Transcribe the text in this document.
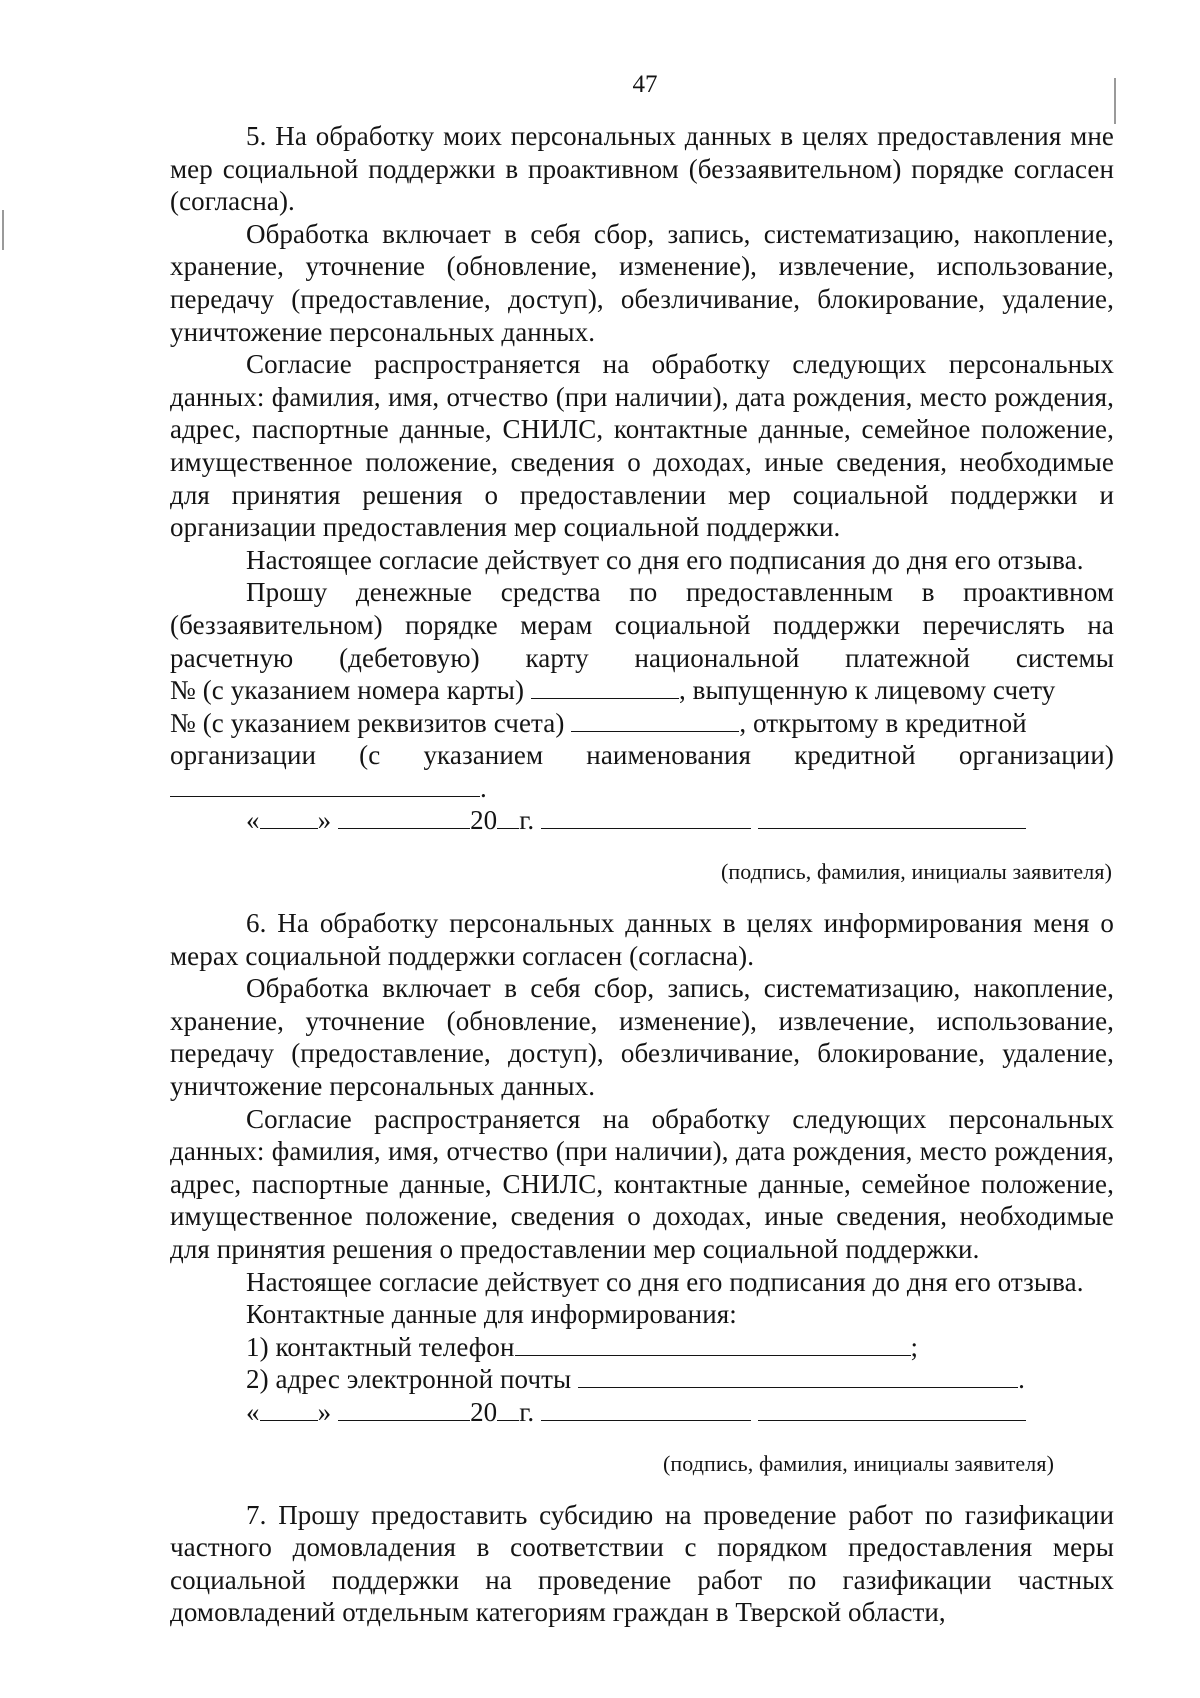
47

5. На обработку моих персональных данных в целях предоставления мне мер социальной поддержки в проактивном (беззаявительном) порядке согласен (согласна).

Обработка включает в себя сбор, запись, систематизацию, накопление, хранение, уточнение (обновление, изменение), извлечение, использование, передачу (предоставление, доступ), обезличивание, блокирование, удаление, уничтожение персональных данных.

Согласие распространяется на обработку следующих персональных данных: фамилия, имя, отчество (при наличии), дата рождения, место рождения, адрес, паспортные данные, СНИЛС, контактные данные, семейное положение, имущественное положение, сведения о доходах, иные сведения, необходимые для принятия решения о предоставлении мер социальной поддержки и организации предоставления мер социальной поддержки.

Настоящее согласие действует со дня его подписания до дня его отзыва.

Прошу денежные средства по предоставленным в проактивном (беззаявительном) порядке мерам социальной поддержки перечислять на расчетную (дебетовую) карту национальной платежной системы

№ (с указанием номера карты)	, выпущенную к лицевому счету

№ (с указанием реквизитов счета)	, открытому в кредитной

организации (с указанием наименования кредитной организации)

.

« »	20 г.

(подпись, фамилия, инициалы заявителя)

6. На обработку персональных данных в целях информирования меня о мерах социальной поддержки согласен (согласна).

Обработка включает в себя сбор, запись, систематизацию, накопление, хранение, уточнение (обновление, изменение), извлечение, использование, передачу (предоставление, доступ), обезличивание, блокирование, удаление, уничтожение персональных данных.

Согласие распространяется на обработку следующих персональных данных: фамилия, имя, отчество (при наличии), дата рождения, место рождения, адрес, паспортные данные, СНИЛС, контактные данные, семейное положение, имущественное положение, сведения о доходах, иные сведения, необходимые для принятия решения о предоставлении мер социальной поддержки.

Настоящее согласие действует со дня его подписания до дня его отзыва.

Контактные данные для информирования:

1) контактный телефон	;

2) адрес электронной почты	.

« »	20 г.

(подпись, фамилия, инициалы заявителя)

7. Прошу предоставить субсидию на проведение работ по газификации частного домовладения в соответствии с порядком предоставления меры социальной поддержки на проведение работ по газификации частных домовладений отдельным категориям граждан в Тверской области,
